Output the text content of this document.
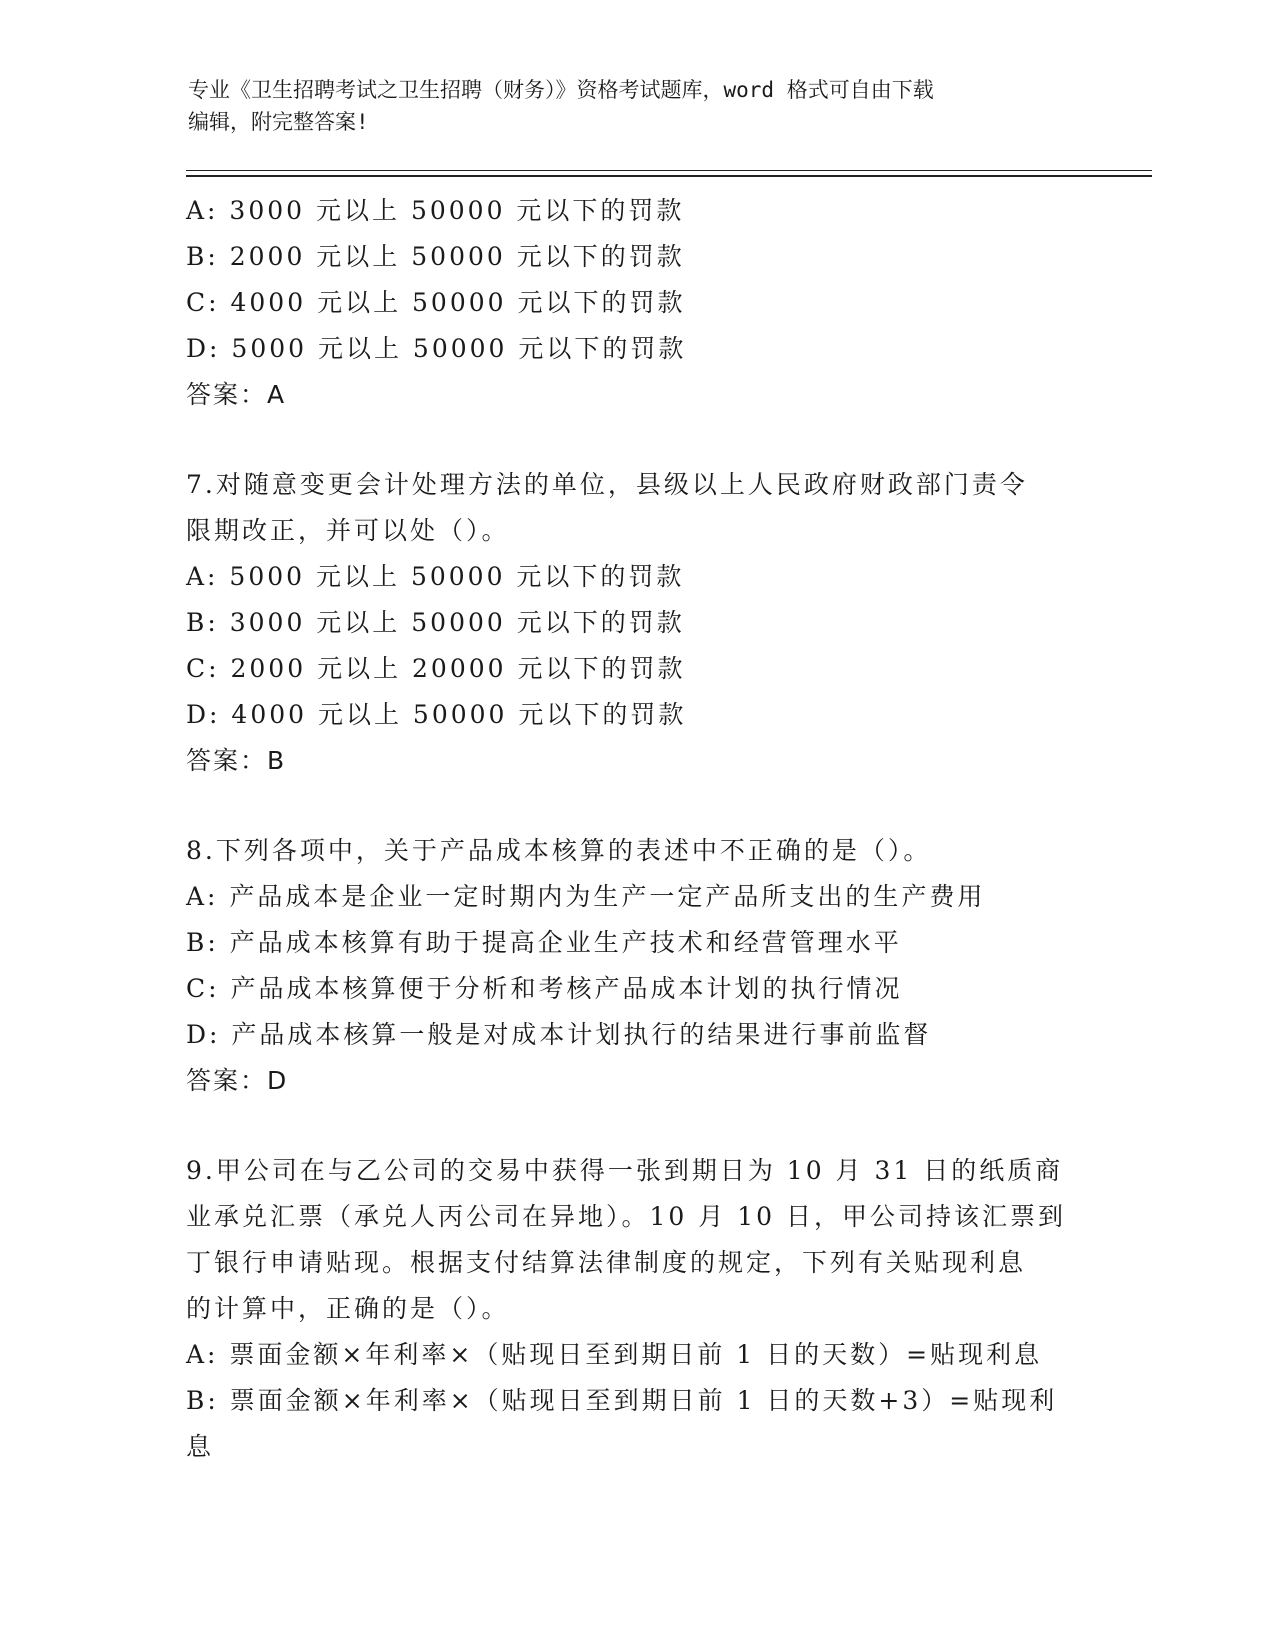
专业《卫生招聘考试之卫生招聘（财务）》资格考试题库，word 格式可自由下载
编辑，附完整答案!
A: 3000 元以上 50000 元以下的罚款
B: 2000 元以上 50000 元以下的罚款
C: 4000 元以上 50000 元以下的罚款
D: 5000 元以上 50000 元以下的罚款
答案：A
7.对随意变更会计处理方法的单位，县级以上人民政府财政部门责令
限期改正，并可以处（）。
A: 5000 元以上 50000 元以下的罚款
B: 3000 元以上 50000 元以下的罚款
C: 2000 元以上 20000 元以下的罚款
D: 4000 元以上 50000 元以下的罚款
答案：B
8.下列各项中，关于产品成本核算的表述中不正确的是（）。
A: 产品成本是企业一定时期内为生产一定产品所支出的生产费用
B: 产品成本核算有助于提高企业生产技术和经营管理水平
C: 产品成本核算便于分析和考核产品成本计划的执行情况
D: 产品成本核算一般是对成本计划执行的结果进行事前监督
答案：D
9.甲公司在与乙公司的交易中获得一张到期日为 10 月 31 日的纸质商
业承兑汇票（承兑人丙公司在异地）。10 月 10 日，甲公司持该汇票到
丁银行申请贴现。根据支付结算法律制度的规定，下列有关贴现利息
的计算中，正确的是（）。
A: 票面金额×年利率×（贴现日至到期日前 1 日的天数）=贴现利息
B: 票面金额×年利率×（贴现日至到期日前 1 日的天数+3）=贴现利
息
